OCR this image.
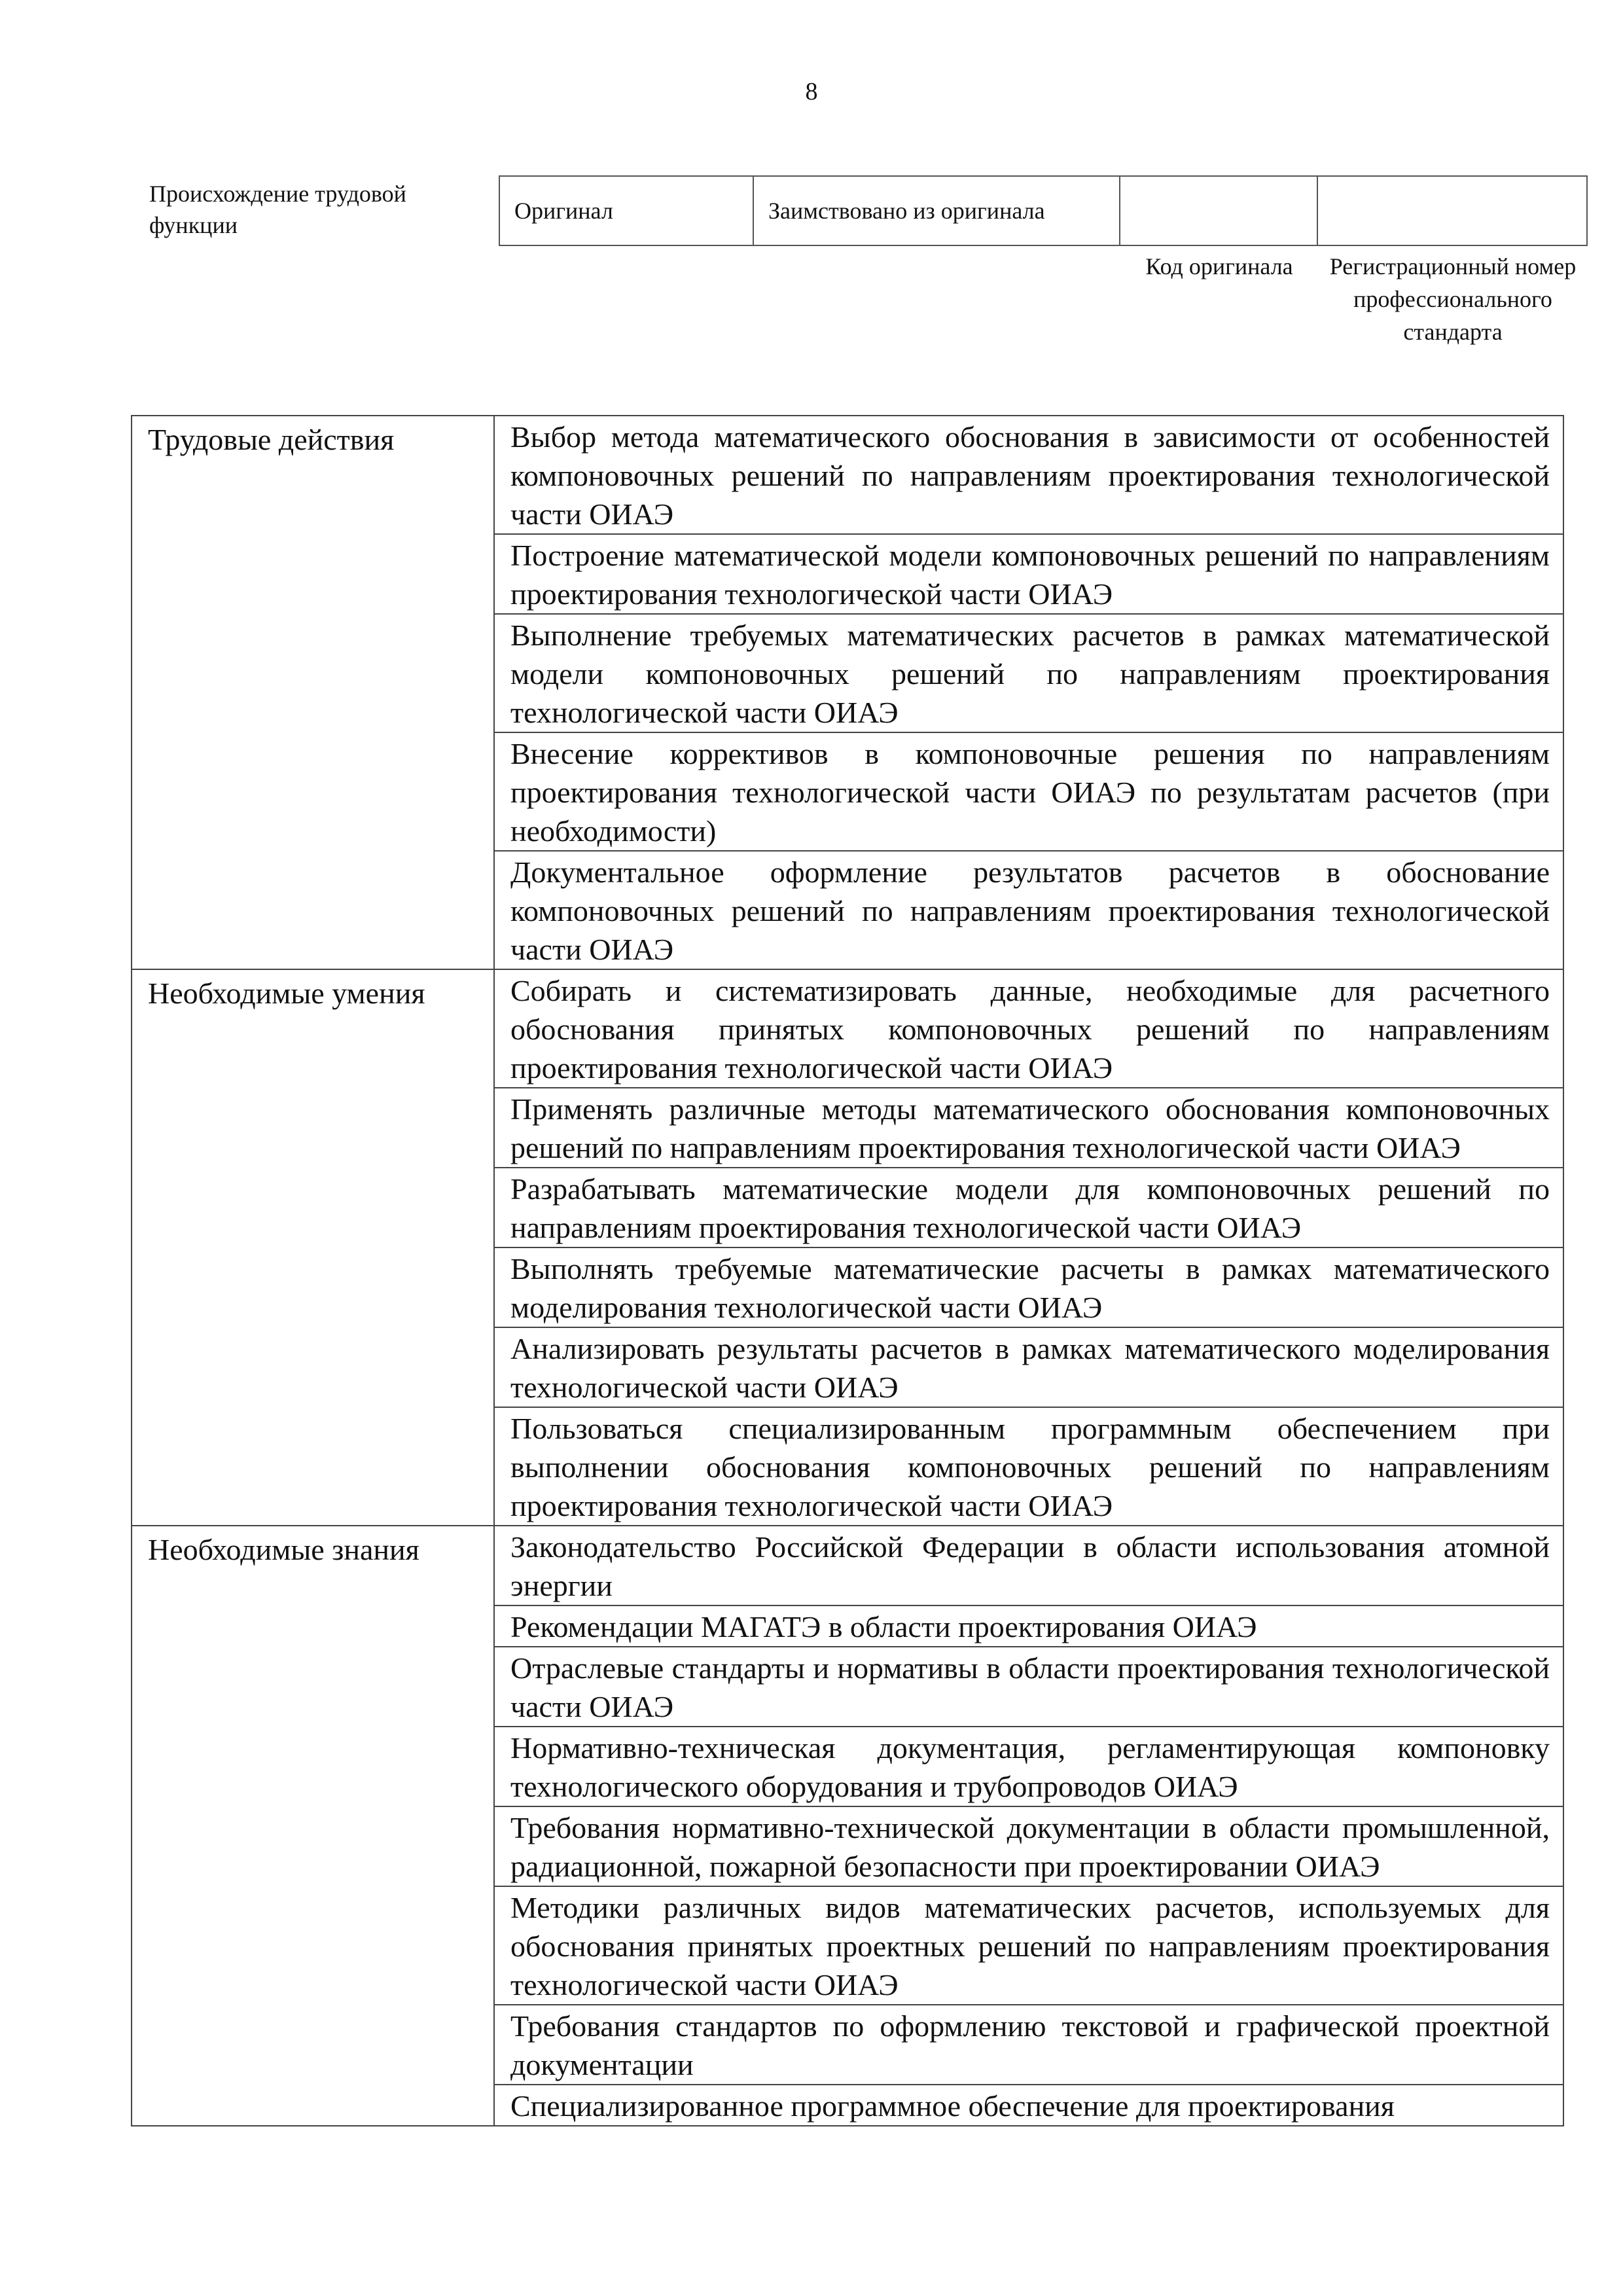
8
Происхождение трудовой функции
Оригинал	Заимствовано из оригинала		
Код оригинала	Регистрационный номер профессионального стандарта
Трудовые действия	Выбор метода математического обоснования в зависимости от особенностей компоновочных решений по направлениям проектирования технологической части ОИАЭ
	Построение математической модели компоновочных решений по направлениям проектирования технологической части ОИАЭ
	Выполнение требуемых математических расчетов в рамках математической модели компоновочных решений по направлениям проектирования технологической части ОИАЭ
	Внесение коррективов в компоновочные решения по направлениям проектирования технологической части ОИАЭ по результатам расчетов (при необходимости)
	Документальное оформление результатов расчетов в обоснование компоновочных решений по направлениям проектирования технологической части ОИАЭ
Необходимые умения	Собирать и систематизировать данные, необходимые для расчетного обоснования принятых компоновочных решений по направлениям проектирования технологической части ОИАЭ
	Применять различные методы математического обоснования компоновочных решений по направлениям проектирования технологической части ОИАЭ
	Разрабатывать математические модели для компоновочных решений по направлениям проектирования технологической части ОИАЭ
	Выполнять требуемые математические расчеты в рамках математического моделирования технологической части ОИАЭ
	Анализировать результаты расчетов в рамках математического моделирования технологической части ОИАЭ
	Пользоваться специализированным программным обеспечением при выполнении обоснования компоновочных решений по направлениям проектирования технологической части ОИАЭ
Необходимые знания	Законодательство Российской Федерации в области использования атомной энергии
	Рекомендации МАГАТЭ в области проектирования ОИАЭ
	Отраслевые стандарты и нормативы в области проектирования технологической части ОИАЭ
	Нормативно-техническая документация, регламентирующая компоновку технологического оборудования и трубопроводов ОИАЭ
	Требования нормативно-технической документации в области промышленной, радиационной, пожарной безопасности при проектировании ОИАЭ
	Методики различных видов математических расчетов, используемых для обоснования принятых проектных решений по направлениям проектирования технологической части ОИАЭ
	Требования стандартов по оформлению текстовой и графической проектной документации
	Специализированное программное обеспечение для проектирования
